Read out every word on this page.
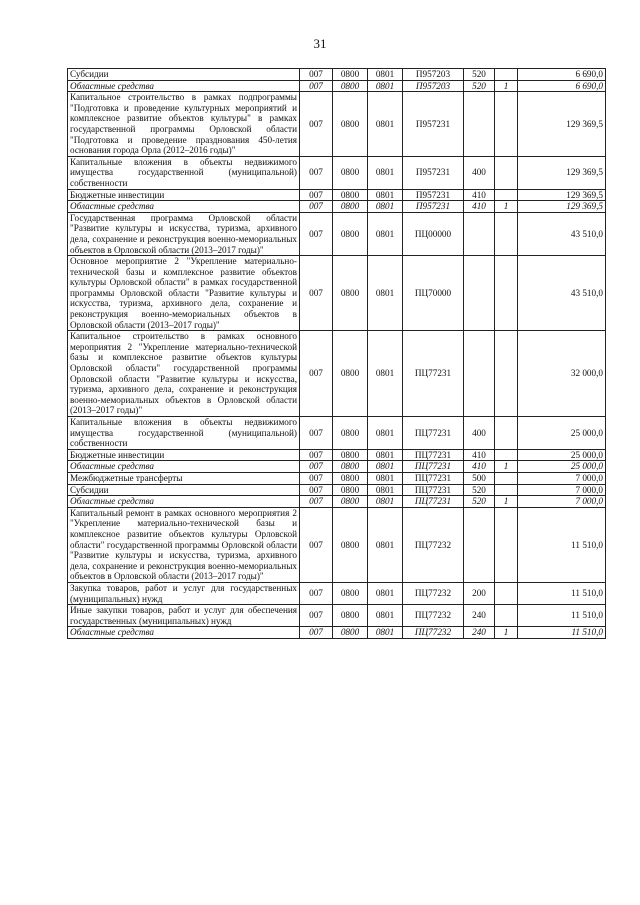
31
Субсидии	007	0800	0801	П957203	520		6 690,0
Областные средства	007	0800	0801	П957203	520	1	6 690,0
Капитальное строительство в рамках подпрограммы "Подготовка и проведение культурных мероприятий и комплексное развитие объектов культуры" в рамках государственной программы Орловской области "Подготовка и проведение празднования 450-летия основания города Орла (2012–2016 годы)"	007	0800	0801	П957231			129 369,5
Капитальные вложения в объекты недвижимого имущества государственной (муниципальной) собственности	007	0800	0801	П957231	400		129 369,5
Бюджетные инвестиции	007	0800	0801	П957231	410		129 369,5
Областные средства	007	0800	0801	П957231	410	1	129 369,5
Государственная программа Орловской области "Развитие культуры и искусства, туризма, архивного дела, сохранение и реконструкция военно-мемориальных объектов в Орловской области (2013–2017 годы)"	007	0800	0801	ПЦ00000			43 510,0
Основное мероприятие 2 "Укрепление материально-технической базы и комплексное развитие объектов культуры Орловской области" в рамках государственной программы Орловской области "Развитие культуры и искусства, туризма, архивного дела, сохранение и реконструкция военно-мемориальных объектов в Орловской области (2013–2017 годы)"	007	0800	0801	ПЦ70000			43 510,0
Капитальное строительство в рамках основного мероприятия 2 "Укрепление материально-технической базы и комплексное развитие объектов культуры Орловской области" государственной программы Орловской области "Развитие культуры и искусства, туризма, архивного дела, сохранение и реконструкция военно-мемориальных объектов в Орловской области (2013–2017 годы)"	007	0800	0801	ПЦ77231			32 000,0
Капитальные вложения в объекты недвижимого имущества государственной (муниципальной) собственности	007	0800	0801	ПЦ77231	400		25 000,0
Бюджетные инвестиции	007	0800	0801	ПЦ77231	410		25 000,0
Областные средства	007	0800	0801	ПЦ77231	410	1	25 000,0
Межбюджетные трансферты	007	0800	0801	ПЦ77231	500		7 000,0
Субсидии	007	0800	0801	ПЦ77231	520		7 000,0
Областные средства	007	0800	0801	ПЦ77231	520	1	7 000,0
Капитальный ремонт в рамках основного мероприятия 2 "Укрепление материально-технической базы и комплексное развитие объектов культуры Орловской области" государственной программы Орловской области "Развитие культуры и искусства, туризма, архивного дела, сохранение и реконструкция военно-мемориальных объектов в Орловской области (2013–2017 годы)"	007	0800	0801	ПЦ77232			11 510,0
Закупка товаров, работ и услуг для государственных (муниципальных) нужд	007	0800	0801	ПЦ77232	200		11 510,0
Иные закупки товаров, работ и услуг для обеспечения государственных (муниципальных) нужд	007	0800	0801	ПЦ77232	240		11 510,0
Областные средства	007	0800	0801	ПЦ77232	240	1	11 510,0
